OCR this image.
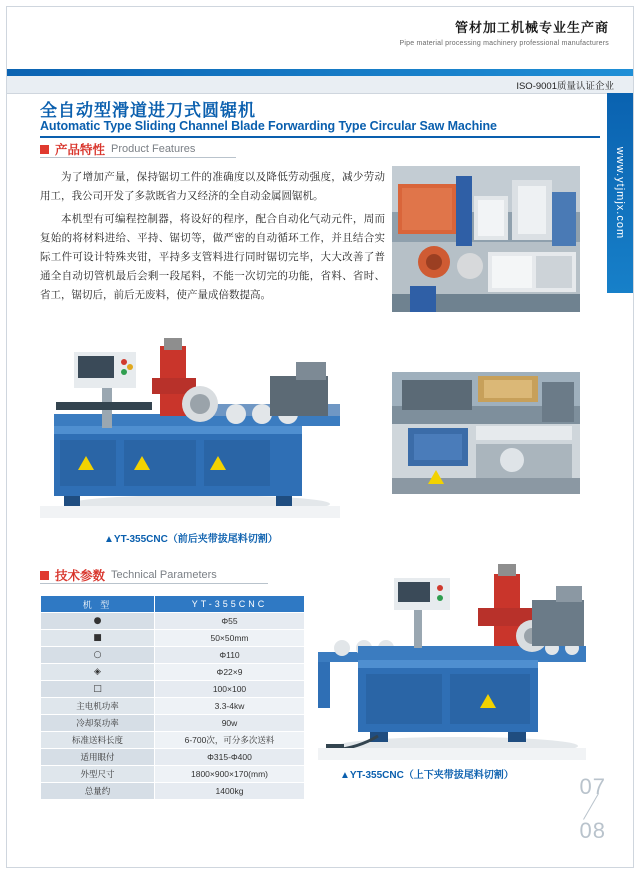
管材加工机械专业生产商
Pipe material processing machinery professional manufacturers
ISO-9001质量认证企业
www.ytjmjx.com
全自动型滑道进刀式圆锯机
Automatic Type Sliding Channel Blade Forwarding Type Circular Saw Machine
产品特性 Product Features
为了增加产量，保持锯切工件的准确度以及降低劳动强度，减少劳动用工，我公司开发了多款既省力又经济的全自动金属圆锯机。
本机型有可编程控制器，将设好的程序，配合自动化气动元件，周而复始的将材料进给、平持、锯切等，做严密的自动循环工作，并且结合实际工件可设计特殊夹钳，平持多支管料进行同时锯切完毕，大大改善了普通全自动切管机最后会剩一段尾料，不能一次切完的功能，省料、省时、省工，锯切后，前后无废料，使产量成倍数提高。
▲YT-355CNC（前后夹带拔尾料切割）
技术参数 Technical Parameters
机 型	YT-355CNC
●	Φ55
■	50×50mm
○	Φ110
◈	Φ22×9
□	100×100
主电机功率	3.3-4kw
冷却泵功率	90w
标准送料长度	6-700次，可分多次送料
适用眼付	Φ315-Φ400
外型尺寸	1800×900×170(mm)
总量约	1400kg
▲YT-355CNC（上下夹带拔尾料切割）	07
08
